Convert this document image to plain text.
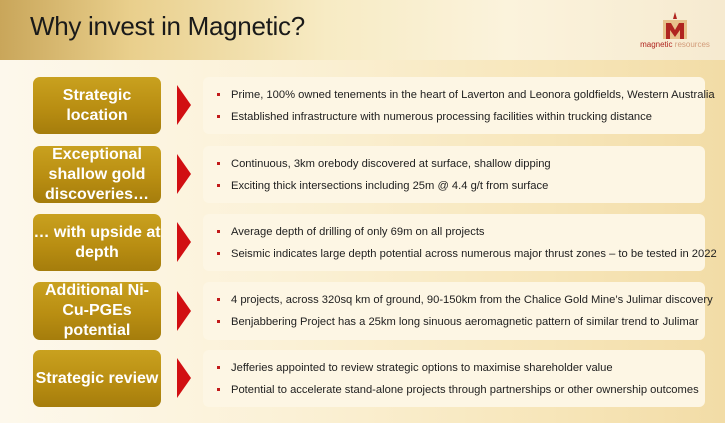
Why invest in Magnetic?
magnetic resources
Strategic location
Prime, 100% owned tenements in the heart of Laverton and Leonora goldfields, Western Australia
Established infrastructure with numerous processing facilities within trucking distance
Exceptional shallow gold discoveries…
Continuous, 3km orebody discovered at surface, shallow dipping
Exciting thick intersections including 25m @ 4.4 g/t from surface
… with upside at depth
Average depth of drilling of only 69m on all projects
Seismic indicates large depth potential across numerous major thrust zones – to be tested in 2022
Additional Ni-Cu-PGEs potential
4 projects, across 320sq km of ground, 90-150km from the Chalice Gold Mine’s Julimar discovery
Benjabbering Project has a 25km long sinuous aeromagnetic pattern of similar trend to Julimar
Strategic review
Jefferies appointed to review strategic options to maximise shareholder value
Potential to accelerate stand-alone projects through partnerships or other ownership outcomes
